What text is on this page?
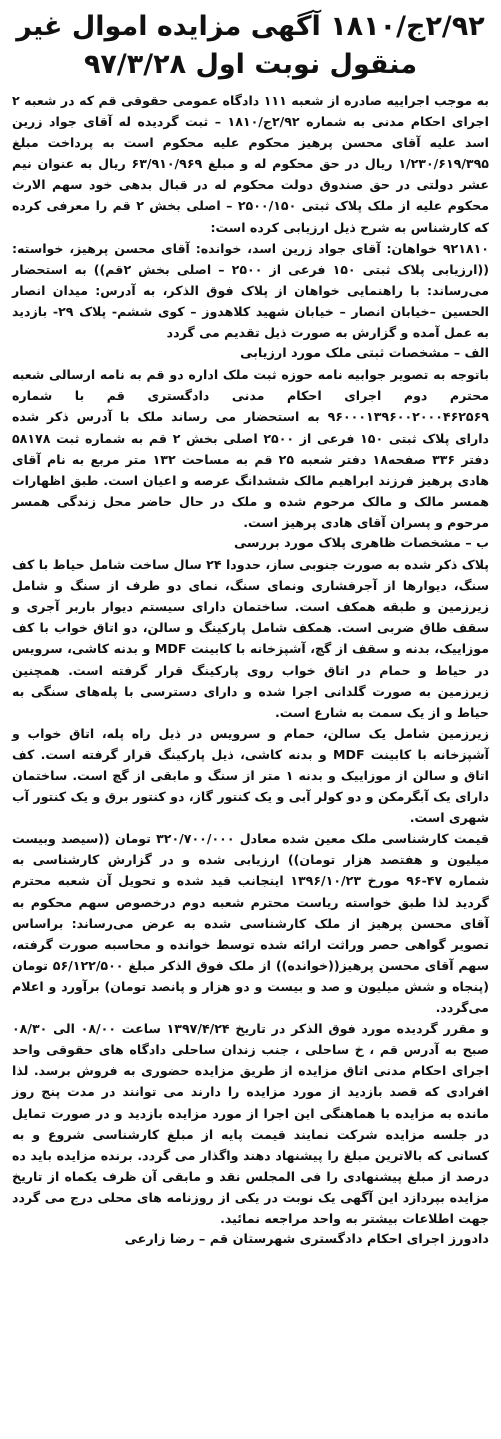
۲/۹۲ج/۱۸۱۰ آگهی مزایده اموال غیر
منقول نوبت اول ۹۷/۳/۲۸

به موجب اجراییه صادره از شعبه ۱۱۱ دادگاه عمومی حقوقی قم که در شعبه ۲ اجرای احکام مدنی به شماره ۲/۹۲ج/۱۸۱۰ – ثبت گردیده له آقای جواد زرین اسد علیه آقای محسن پرهیز محکوم علیه محکوم است به پرداخت مبلغ ۱/۲۳۰/۶۱۹/۳۹۵ ریال در حق محکوم له و مبلغ ۶۳/۹۱۰/۹۶۹ ریال به عنوان نیم عشر دولتی در حق صندوق دولت محکوم له در قبال بدهی خود سهم الارث محکوم علیه از ملک پلاک ثبتی ۲۵۰۰/۱۵۰ – اصلی بخش ۲ قم را معرفی کرده که کارشناس به شرح ذیل ارزیابی کرده است:

۹۲۱۸۱۰ خواهان: آقای جواد زرین اسد، خوانده: آقای محسن پرهیز، خواسته: ((ارزیابی پلاک ثبتی ۱۵۰ فرعی از ۲۵۰۰ – اصلی بخش ۲قم)) به استحضار می‌رساند: با راهنمایی خواهان از پلاک فوق الذکر، به آدرس: میدان انصار الحسین –خیابان انصار – خیابان شهید کلاهدوز – کوی ششم- پلاک ۲۹- بازدید به عمل آمده و گزارش به صورت ذیل تقدیم می گردد

الف – مشخصات ثبتی ملک مورد ارزیابی

باتوجه به تصویر جوابیه نامه حوزه ثبت ملک اداره دو قم به نامه ارسالی شعبه محترم دوم اجرای احکام مدنی دادگستری قم با شماره ۹۶۰۰۰۱۳۹۶۰۰۲۰۰۰۴۶۲۵۶۹ به استحضار می رساند ملک با آدرس ذکر شده دارای پلاک ثبتی ۱۵۰ فرعی از ۲۵۰۰ اصلی بخش ۲ قم به شماره ثبت ۵۸۱۷۸ دفتر ۳۳۶ صفحه۱۸ دفتر شعبه ۲۵ قم به مساحت ۱۳۲ متر مربع به نام آقای هادی پرهیز فرزند ابراهیم مالک ششدانگ عرصه و اعیان است. طبق اظهارات همسر مالک و مالک مرحوم شده و ملک در حال حاضر محل زندگی همسر مرحوم و پسران آقای هادی پرهیز است.

ب – مشخصات ظاهری پلاک مورد بررسی

پلاک ذکر شده به صورت جنوبی ساز، حدودا ۲۴ سال ساخت شامل حیاط با کف سنگ، دیوارها از آجرفشاری ونمای سنگ، نمای دو طرف از سنگ و شامل زیرزمین و طبقه همکف است. ساختمان دارای سیستم دیوار باربر آجری و سقف طاق ضربی است. همکف شامل پارکینگ و سالن، دو اتاق خواب با کف موزاییک، بدنه و سقف از گچ، آشپزخانه با کابینت MDF و بدنه کاشی، سرویس در حیاط و حمام در اتاق خواب روی پارکینگ قرار گرفته است. همچنین زیرزمین به صورت گلدانی اجرا شده و دارای دسترسی با پله‌های سنگی به حیاط و از یک سمت به شارع است.

زیرزمین شامل یک سالن، حمام و سرویس در ذیل راه پله، اتاق خواب و آشپزخانه با کابینت MDF و بدنه کاشی، ذیل پارکینگ قرار گرفته است. کف اتاق و سالن از موزاییک و بدنه ۱ متر از سنگ و مابقی از گچ است. ساختمان دارای یک آبگرمکن و دو کولر آبی و یک کنتور گاز، دو کنتور برق و یک کنتور آب شهری است.

قیمت کارشناسی ملک معین شده معادل ۳۲۰/۷۰۰/۰۰۰ تومان ((سیصد وبیست میلیون و هفتصد هزار تومان)) ارزیابی شده و در گزارش کارشناسی به شماره ۴۷-۹۶ مورخ ۱۳۹۶/۱۰/۲۳ اینجانب قید شده و تحویل آن شعبه محترم گردید لذا طبق خواسته ریاست محترم شعبه دوم درخصوص سهم محکوم به آقای محسن پرهیز از ملک کارشناسی شده به عرض می‌رساند: براساس تصویر گواهی حصر وراثت ارائه شده توسط خوانده و محاسبه صورت گرفته، سهم آقای محسن پرهیز((خوانده)) از ملک فوق الذکر مبلغ ۵۶/۱۲۲/۵۰۰ تومان (پنجاه و شش میلیون و صد و بیست و دو هزار و پانصد تومان) برآورد و اعلام می‌گردد.

و مقرر گردیده مورد فوق الذکر در تاریخ ۱۳۹۷/۴/۲۴ ساعت ۰۸/۰۰ الی ۰۸/۳۰ صبح به آدرس قم ، خ ساحلی ، جنب زندان ساحلی دادگاه های حقوقی واحد اجرای احکام مدنی اتاق مزایده از طریق مزایده حضوری به فروش برسد. لذا افرادی که قصد بازدید از مورد مزایده را دارند می توانند در مدت پنج روز مانده به مزایده با هماهنگی این اجرا از مورد مزایده بازدید و در صورت تمایل در جلسه مزایده شرکت نمایند قیمت پایه از مبلغ کارشناسی شروع و به کسانی که بالاترین مبلغ را پیشنهاد دهند واگذار می گردد. برنده مزایده باید ده درصد از مبلغ پیشنهادی را فی المجلس نقد و مابقی آن ظرف یکماه از تاریخ مزایده بپردازد این آگهی یک نوبت در یکی از روزنامه های محلی درج می گردد جهت اطلاعات بیشتر به واحد مراجعه نمائید.

دادورز اجرای احکام دادگستری شهرستان قم – رضا زارعی
